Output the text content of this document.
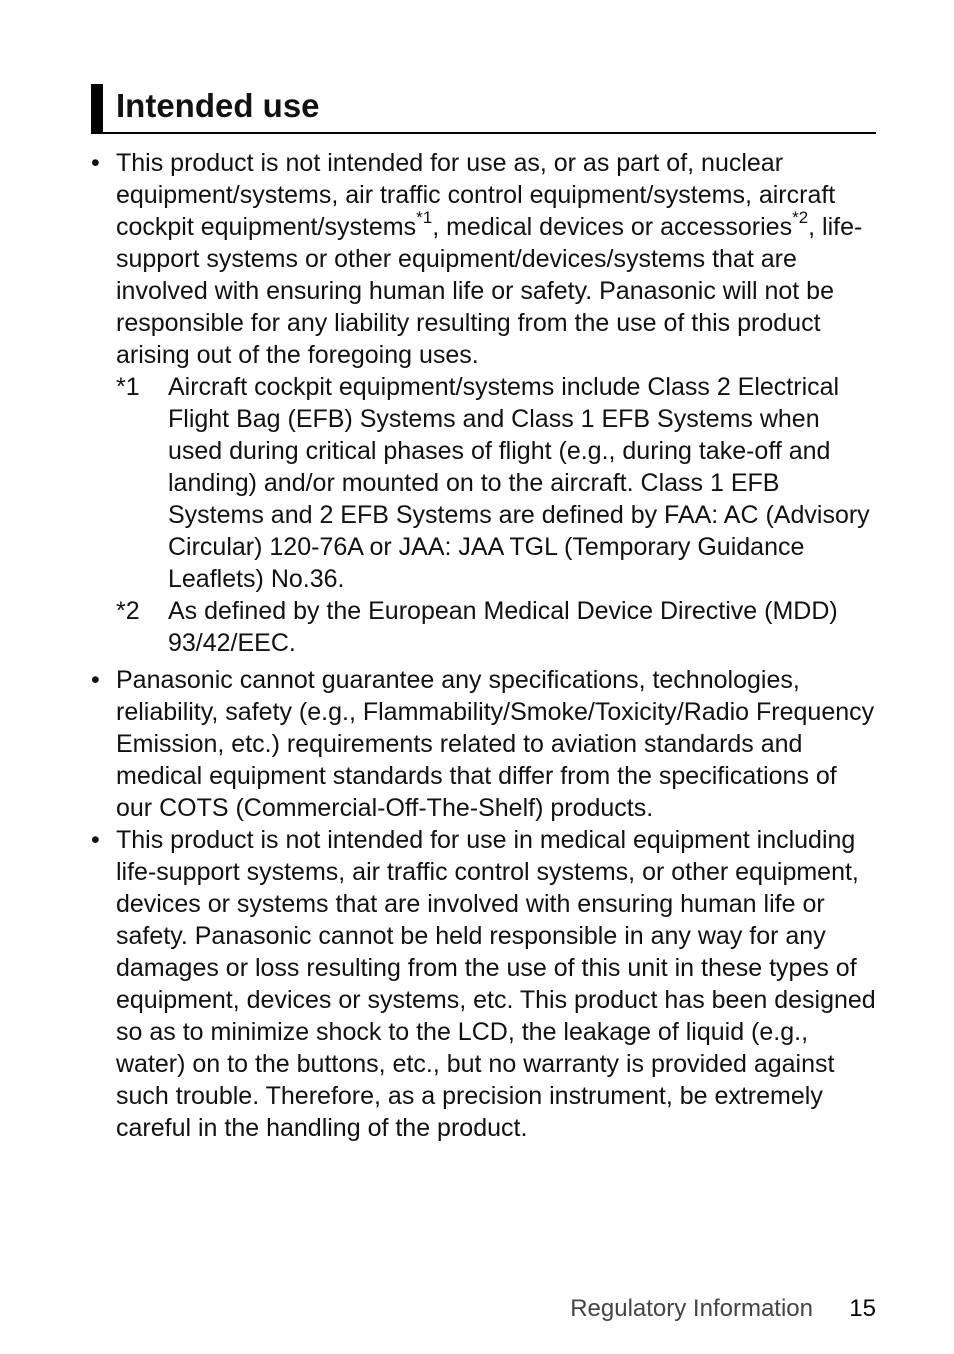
Intended use
• This product is not intended for use as, or as part of, nuclear equipment/systems, air traffic control equipment/systems, aircraft cockpit equipment/systems$^{*1}$, medical devices or accessories$^{*2}$, life-support systems or other equipment/devices/systems that are involved with ensuring human life or safety. Panasonic will not be responsible for any liability resulting from the use of this product arising out of the foregoing uses.
*1 Aircraft cockpit equipment/systems include Class 2 Electrical Flight Bag (EFB) Systems and Class 1 EFB Systems when used during critical phases of flight (e.g., during take-off and landing) and/or mounted on to the aircraft. Class 1 EFB Systems and 2 EFB Systems are defined by FAA: AC (Advisory Circular) 120-76A or JAA: JAA TGL (Temporary Guidance Leaflets) No.36.
*2 As defined by the European Medical Device Directive (MDD) 93/42/EEC.
• Panasonic cannot guarantee any specifications, technologies, reliability, safety (e.g., Flammability/Smoke/Toxicity/Radio Frequency Emission, etc.) requirements related to aviation standards and medical equipment standards that differ from the specifications of our COTS (Commercial-Off-The-Shelf) products.
• This product is not intended for use in medical equipment including life-support systems, air traffic control systems, or other equipment, devices or systems that are involved with ensuring human life or safety. Panasonic cannot be held responsible in any way for any damages or loss resulting from the use of this unit in these types of equipment, devices or systems, etc. This product has been designed so as to minimize shock to the LCD, the leakage of liquid (e.g., water) on to the buttons, etc., but no warranty is provided against such trouble. Therefore, as a precision instrument, be extremely careful in the handling of the product.
Regulatory Information 15
